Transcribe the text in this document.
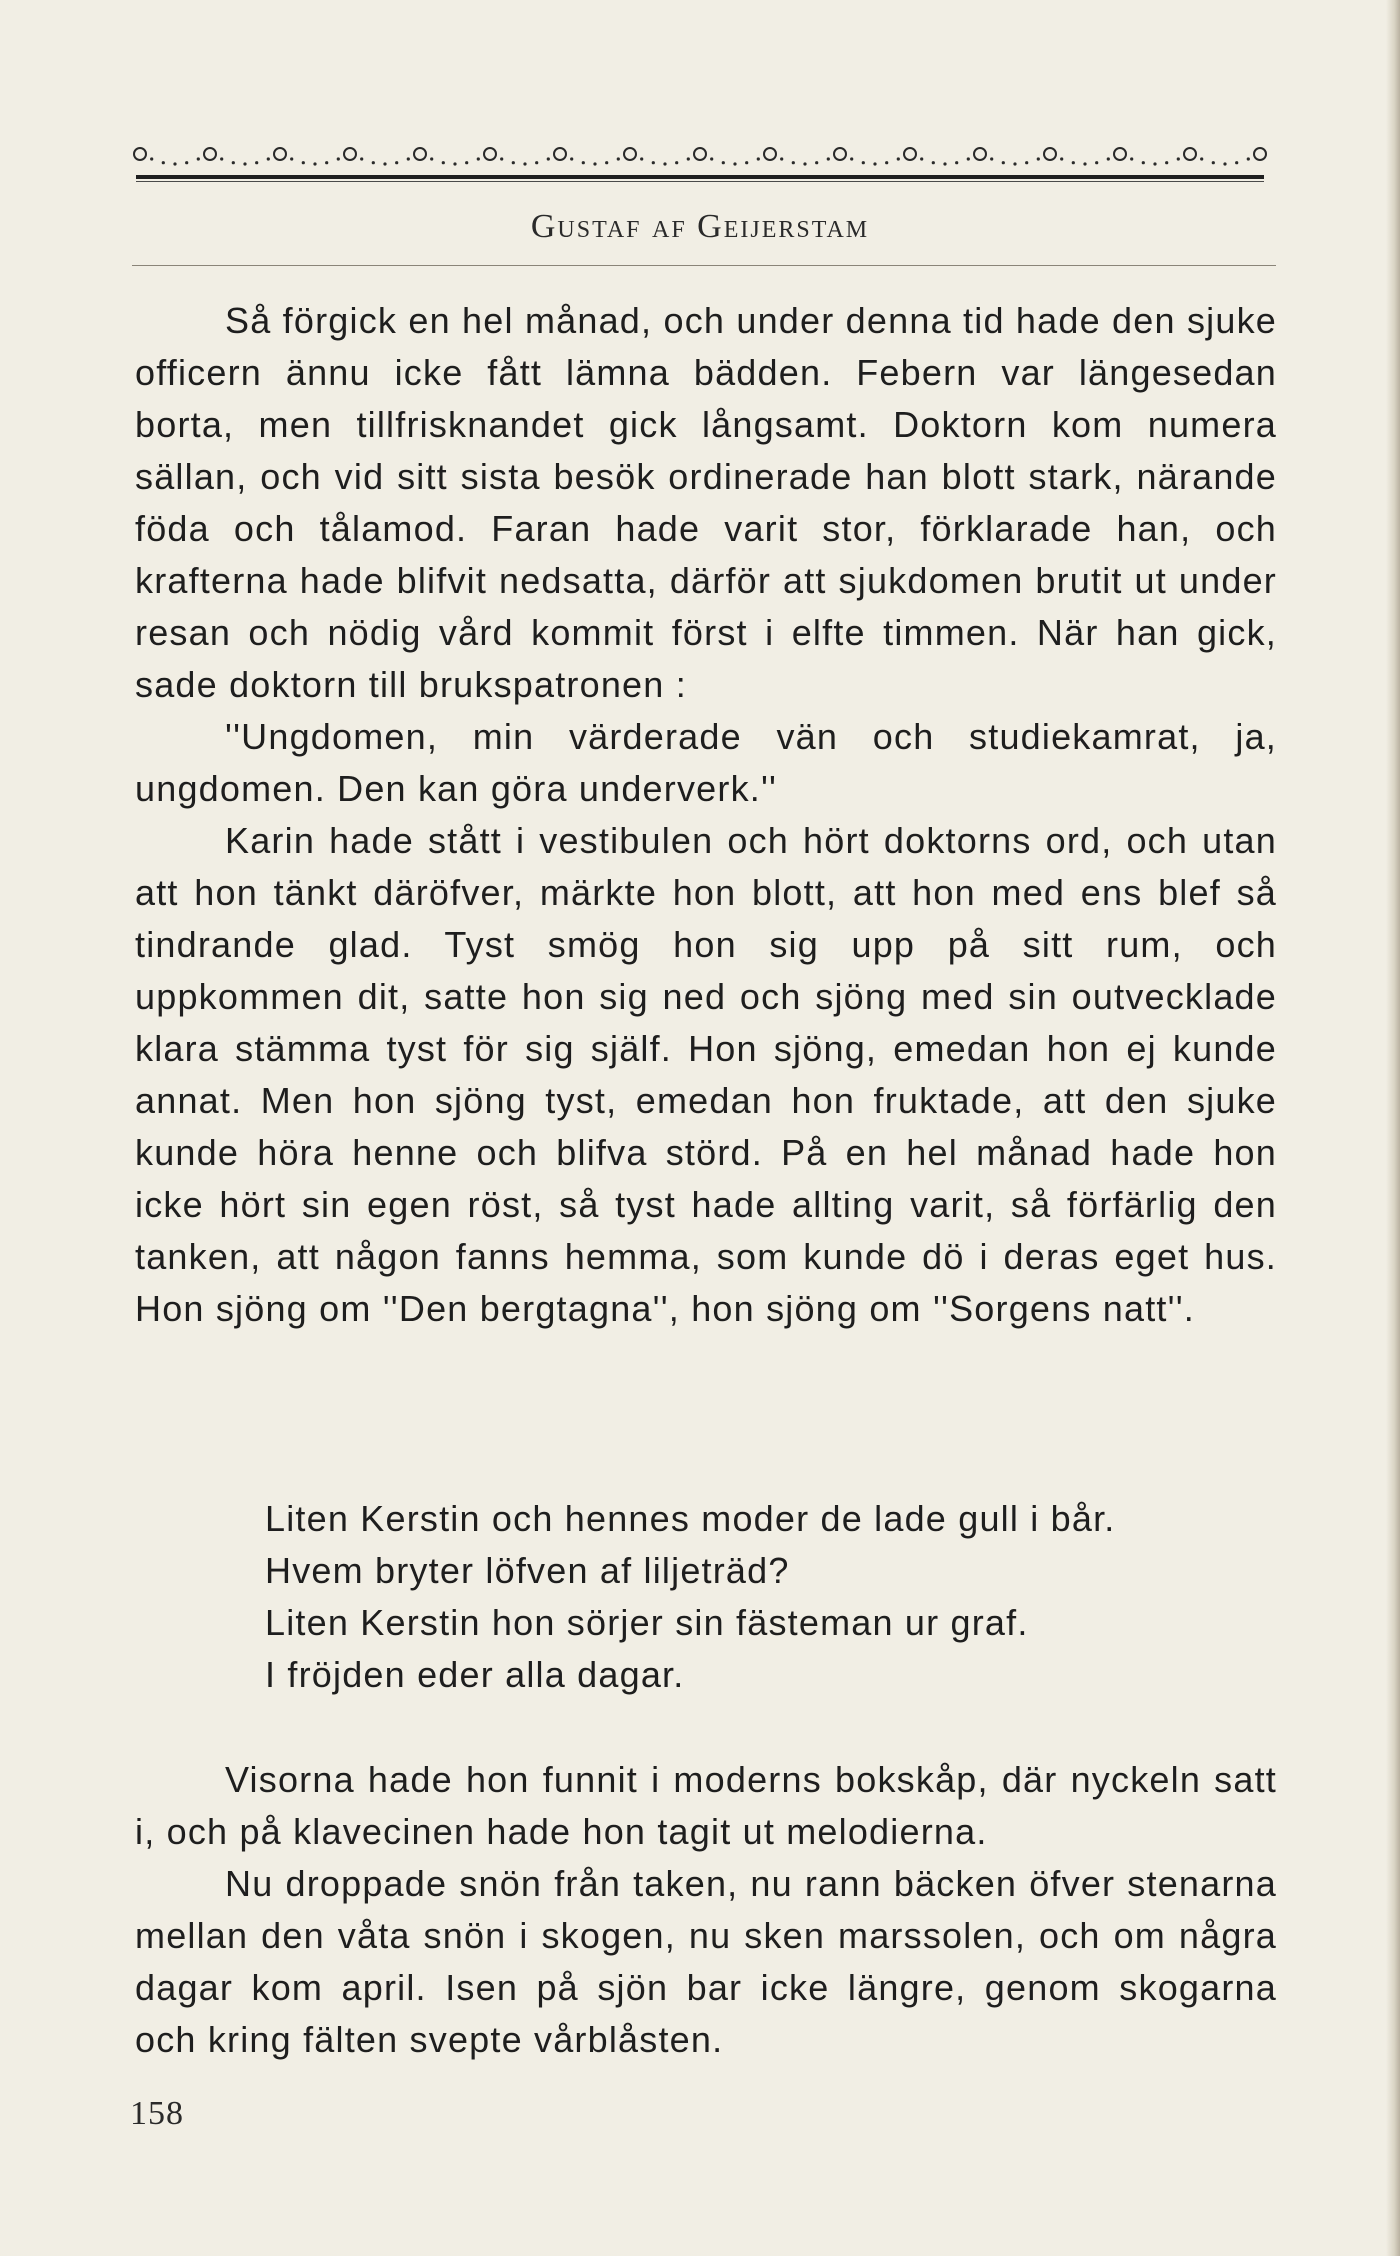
Gustaf af Geijerstam

Så förgick en hel månad, och under denna tid hade den sjuke officern ännu icke fått lämna bädden. Febern var längesedan borta, men tillfrisknandet gick långsamt. Doktorn kom numera sällan, och vid sitt sista besök ordinerade han blott stark, närande föda och tålamod. Faran hade varit stor, förklarade han, och krafterna hade blifvit nedsatta, därför att sjukdomen brutit ut under resan och nödig vård kommit först i elfte timmen. När han gick, sade doktorn till brukspatronen :

''Ungdomen, min värderade vän och studiekamrat, ja, ungdomen. Den kan göra underverk.''

Karin hade stått i vestibulen och hört doktorns ord, och utan att hon tänkt däröfver, märkte hon blott, att hon med ens blef så tindrande glad. Tyst smög hon sig upp på sitt rum, och uppkommen dit, satte hon sig ned och sjöng med sin outvecklade klara stämma tyst för sig själf. Hon sjöng, emedan hon ej kunde annat. Men hon sjöng tyst, emedan hon fruktade, att den sjuke kunde höra henne och blifva störd. På en hel månad hade hon icke hört sin egen röst, så tyst hade allting varit, så förfärlig den tanken, att någon fanns hemma, som kunde dö i deras eget hus. Hon sjöng om ''Den bergtagna'', hon sjöng om ''Sorgens natt''.

Liten Kerstin och hennes moder de lade gull i bår.
Hvem bryter löfven af liljeträd?
Liten Kerstin hon sörjer sin fästeman ur graf.
I fröjden eder alla dagar.

Visorna hade hon funnit i moderns bokskåp, där nyckeln satt i, och på klavecinen hade hon tagit ut melodierna.

Nu droppade snön från taken, nu rann bäcken öfver stenarna mellan den våta snön i skogen, nu sken marssolen, och om några dagar kom april. Isen på sjön bar icke längre, genom skogarna och kring fälten svepte vårblåsten.

158
